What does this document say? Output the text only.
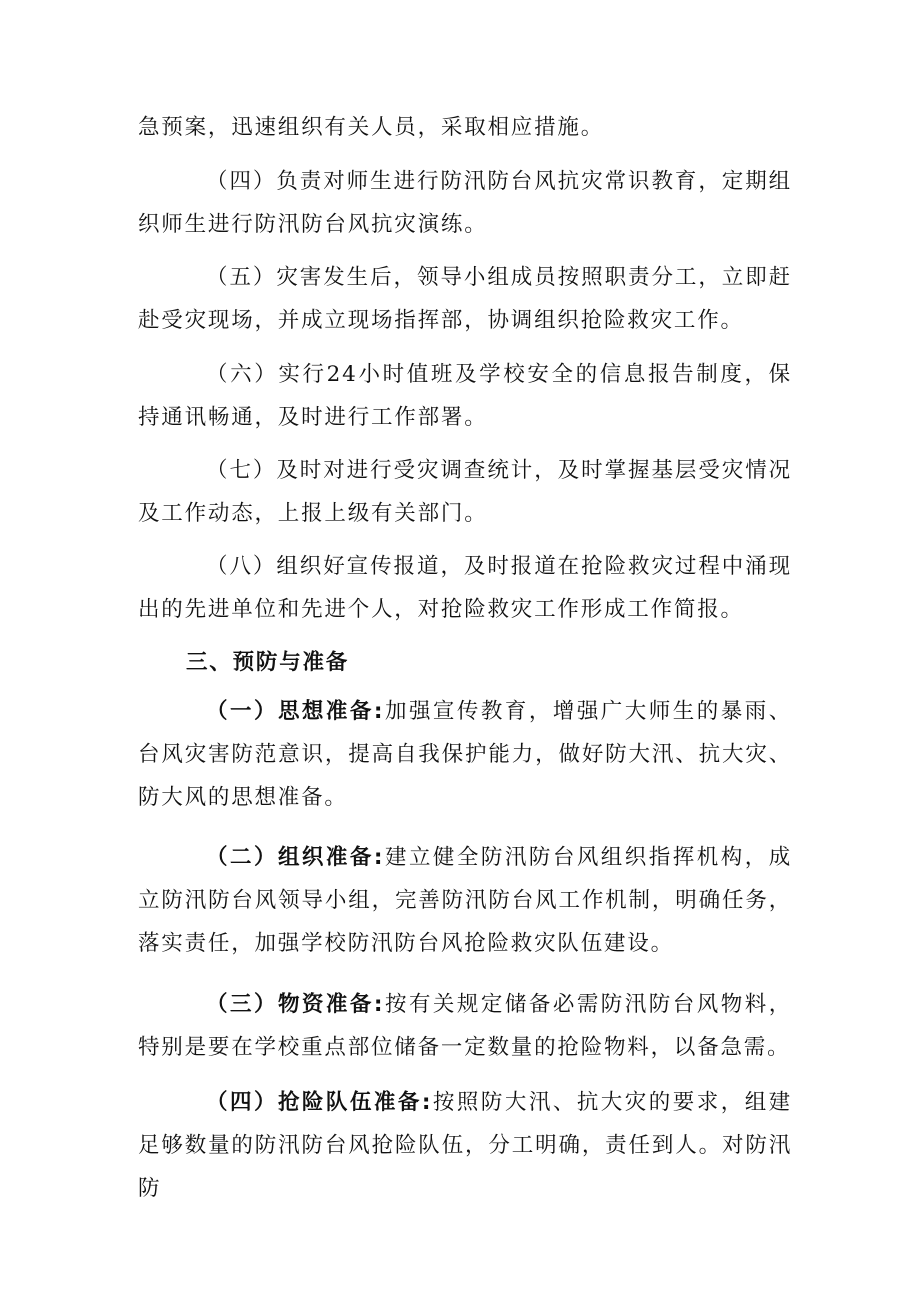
急预案，迅速组织有关人员，采取相应措施。
（四）负责对师生进行防汛防台风抗灾常识教育，定期组织师生进行防汛防台风抗灾演练。
（五）灾害发生后，领导小组成员按照职责分工，立即赶赴受灾现场，并成立现场指挥部，协调组织抢险救灾工作。
（六）实行24小时值班及学校安全的信息报告制度，保持通讯畅通，及时进行工作部署。
（七）及时对进行受灾调查统计，及时掌握基层受灾情况及工作动态，上报上级有关部门。
（八）组织好宣传报道，及时报道在抢险救灾过程中涌现出的先进单位和先进个人，对抢险救灾工作形成工作简报。
三、预防与准备
（一）思想准备:加强宣传教育，增强广大师生的暴雨、台风灾害防范意识，提高自我保护能力，做好防大汛、抗大灾、防大风的思想准备。
（二）组织准备:建立健全防汛防台风组织指挥机构，成立防汛防台风领导小组，完善防汛防台风工作机制，明确任务，落实责任，加强学校防汛防台风抢险救灾队伍建设。
（三）物资准备:按有关规定储备必需防汛防台风物料，特别是要在学校重点部位储备一定数量的抢险物料，以备急需。
（四）抢险队伍准备:按照防大汛、抗大灾的要求，组建足够数量的防汛防台风抢险队伍，分工明确，责任到人。对防汛防
